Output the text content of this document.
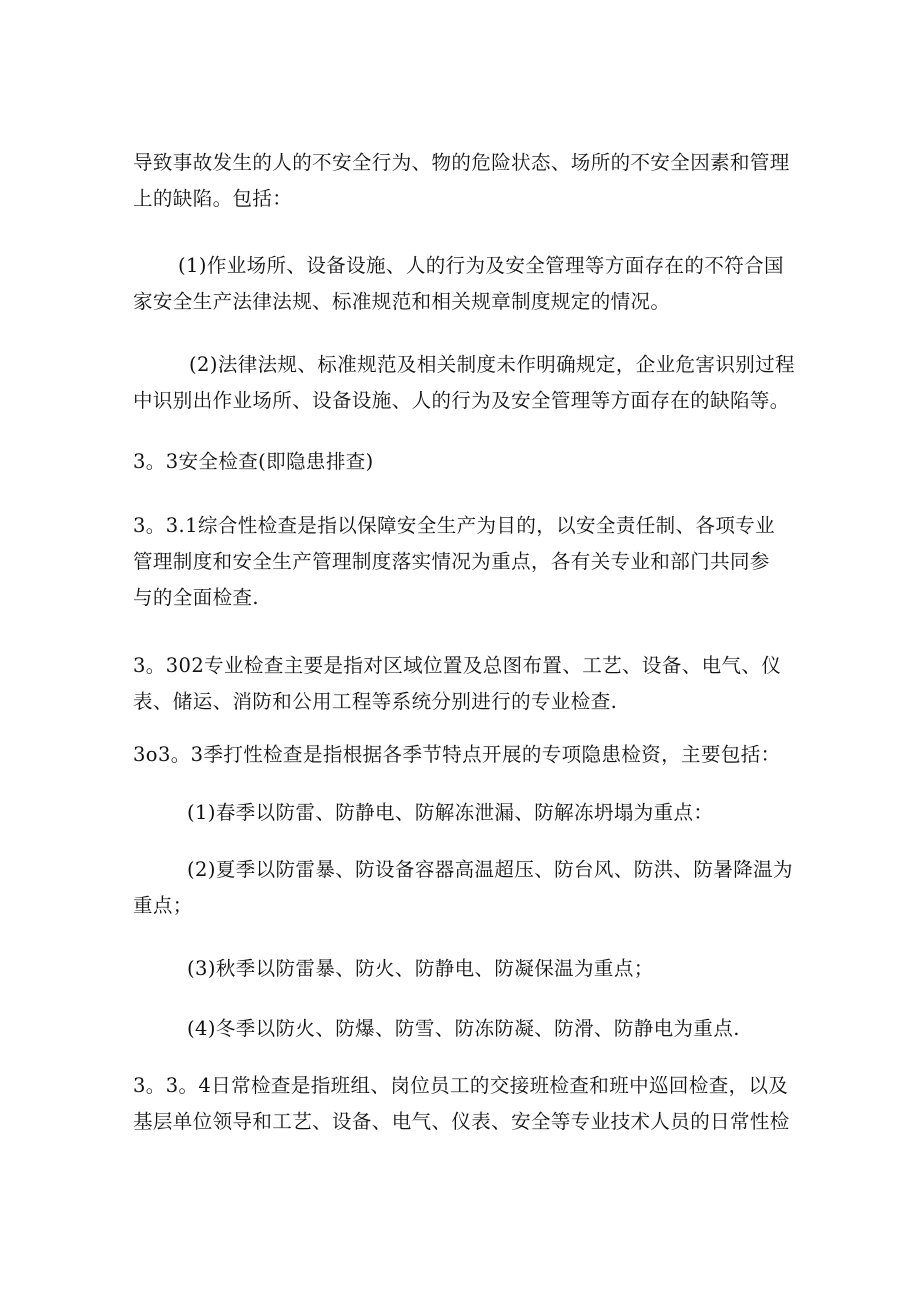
导致事故发生的人的不安全行为、物的危险状态、场所的不安全因素和管理
上的缺陷。包括：

(1)作业场所、设备设施、人的行为及安全管理等方面存在的不符合国
家安全生产法律法规、标准规范和相关规章制度规定的情况。

(2)法律法规、标准规范及相关制度未作明确规定，企业危害识别过程
中识别出作业场所、设备设施、人的行为及安全管理等方面存在的缺陷等。

3。3安全检查(即隐患排查)

3。3.1综合性检查是指以保障安全生产为目的，以安全责任制、各项专业
管理制度和安全生产管理制度落实情况为重点，各有关专业和部门共同参
与的全面检查.

3。302专业检查主要是指对区域位置及总图布置、工艺、设备、电气、仪
表、储运、消防和公用工程等系统分别进行的专业检查.

3o3。3季打性检查是指根据各季节特点开展的专项隐患检资，主要包括：

(1)春季以防雷、防静电、防解冻泄漏、防解冻坍塌为重点：

(2)夏季以防雷暴、防设备容器高温超压、防台风、防洪、防暑降温为
重点；

(3)秋季以防雷暴、防火、防静电、防凝保温为重点；

(4)冬季以防火、防爆、防雪、防冻防凝、防滑、防静电为重点.

3。3。4日常检查是指班组、岗位员工的交接班检查和班中巡回检查，以及
基层单位领导和工艺、设备、电气、仪表、安全等专业技术人员的日常性检
